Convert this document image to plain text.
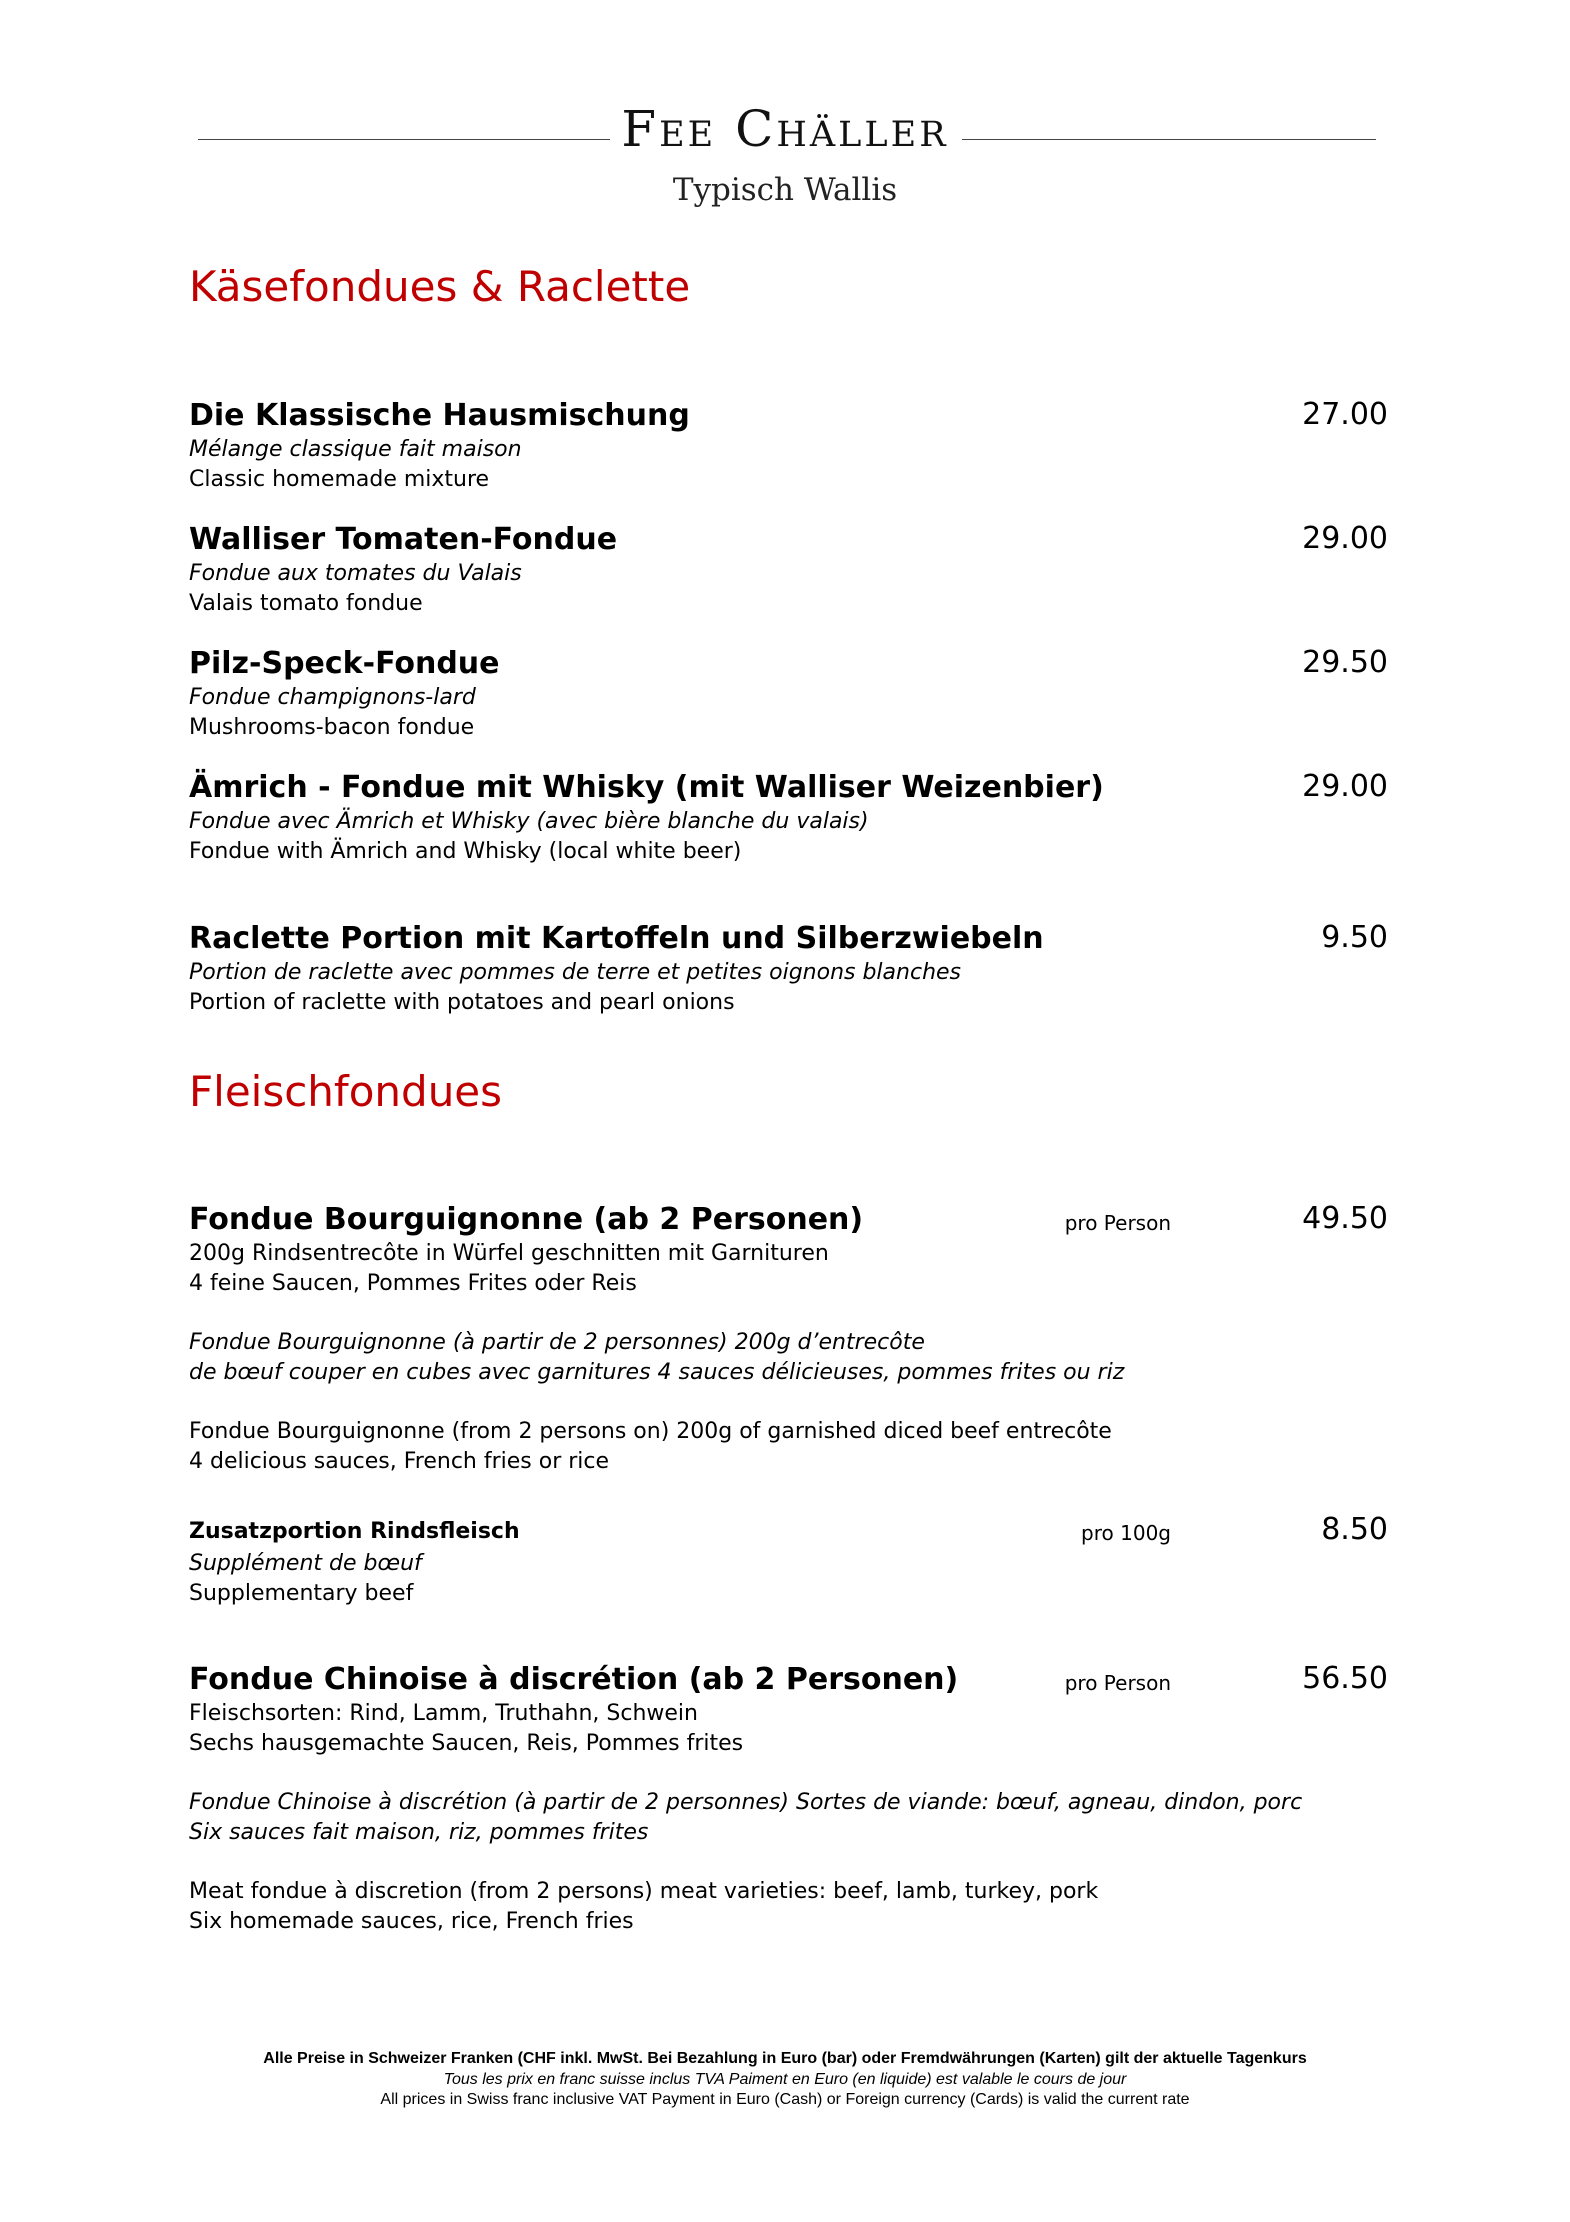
Fee Chäller
Typisch Wallis
Käsefondues & Raclette
Die Klassische Hausmischung
Mélange classique fait maison
Classic homemade mixture
27.00
Walliser Tomaten-Fondue
Fondue aux tomates du Valais
Valais tomato fondue
29.00
Pilz-Speck-Fondue
Fondue champignons-lard
Mushrooms-bacon fondue
29.50
Ämrich - Fondue mit Whisky (mit Walliser Weizenbier)
Fondue avec Ämrich et Whisky (avec bière blanche du valais)
Fondue with Ämrich and Whisky (local white beer)
29.00
Raclette Portion mit Kartoffeln und Silberzwiebeln
Portion de raclette avec pommes de terre et petites oignons blanches
Portion of raclette with potatoes and pearl onions
9.50
Fleischfondues
Fondue Bourguignonne (ab 2 Personen)
200g Rindsentrecôte in Würfel geschnitten mit Garnituren
4 feine Saucen, Pommes Frites oder Reis
Fondue Bourguignonne (à partir de 2 personnes) 200g d’entrecôte
de bœuf couper en cubes avec garnitures 4 sauces délicieuses, pommes frites ou riz
Fondue Bourguignonne (from 2 persons on) 200g of garnished diced beef entrecôte
4 delicious sauces, French fries or rice
pro Person	49.50
Zusatzportion Rindsfleisch
Supplément de bœuf
Supplementary beef
pro 100g	8.50
Fondue Chinoise à discrétion (ab 2 Personen)
Fleischsorten: Rind, Lamm, Truthahn, Schwein
Sechs hausgemachte Saucen, Reis, Pommes frites
Fondue Chinoise à discrétion (à partir de 2 personnes) Sortes de viande: bœuf, agneau, dindon, porc
Six sauces fait maison, riz, pommes frites
Meat fondue à discretion (from 2 persons) meat varieties: beef, lamb, turkey, pork
Six homemade sauces, rice, French fries
pro Person	56.50
Alle Preise in Schweizer Franken (CHF inkl. MwSt. Bei Bezahlung in Euro (bar) oder Fremdwährungen (Karten) gilt der aktuelle Tagenkurs
Tous les prix en franc suisse inclus TVA Paiment en Euro (en liquide) est valable le cours de jour
All prices in Swiss franc inclusive VAT Payment in Euro (Cash) or Foreign currency (Cards) is valid the current rate
